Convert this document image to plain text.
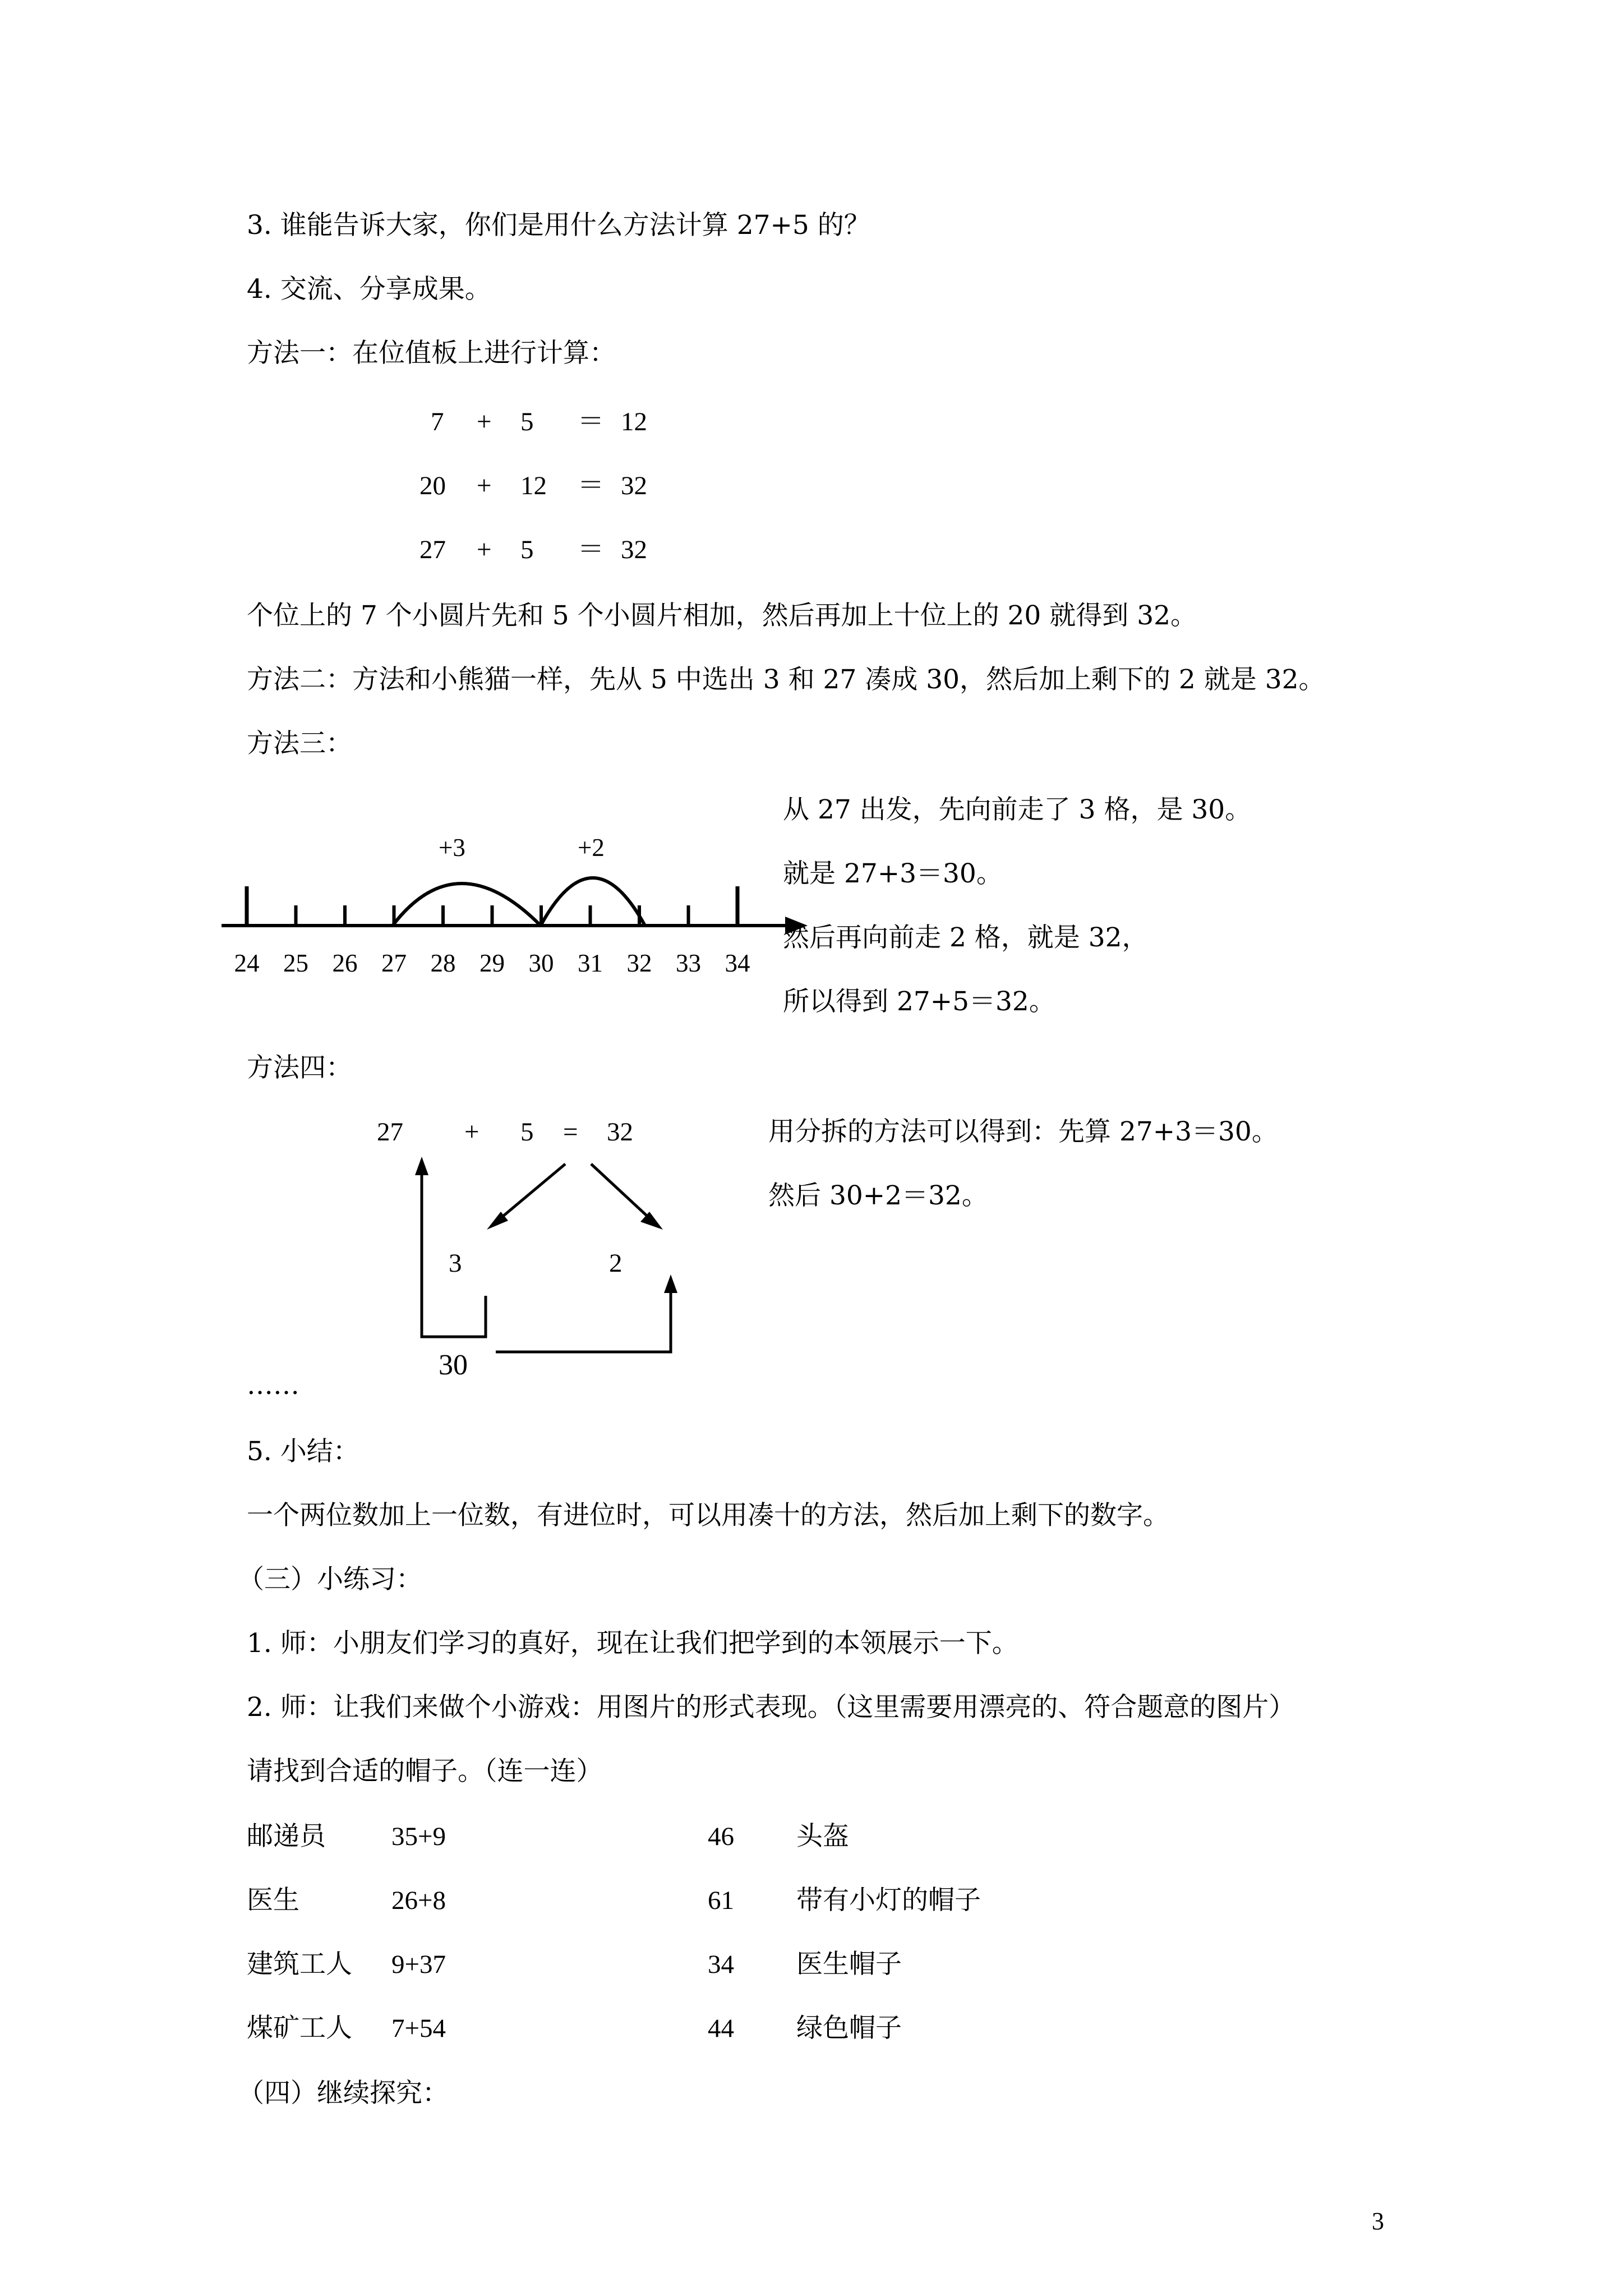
3. 谁能告诉大家，你们是用什么方法计算 27+5 的？
4. 交流、分享成果。
方法一：在位值板上进行计算：
7 + 5 ＝ 12
20 + 12 ＝ 32
27 + 5 ＝ 32
个位上的 7 个小圆片先和 5 个小圆片相加，然后再加上十位上的 20 就得到 32。
方法二：方法和小熊猫一样，先从 5 中选出 3 和 27 凑成 30，然后加上剩下的 2 就是 32。
方法三：
24 25 26 27 28 29 30 31 32 33 34
+3	+2
从 27 出发，先向前走了 3 格，是 30。
就是 27+3＝30。
然后再向前走 2 格，就是 32，
所以得到 27+5＝32。
方法四：
27 + 5 = 32
3	2
30
用分拆的方法可以得到：先算 27+3＝30。
然后 30+2＝32。
……
5. 小结：
一个两位数加上一位数，有进位时，可以用凑十的方法，然后加上剩下的数字。
（三）小练习：
1. 师：小朋友们学习的真好，现在让我们把学到的本领展示一下。
2. 师：让我们来做个小游戏：用图片的形式表现。（这里需要用漂亮的、符合题意的图片）
请找到合适的帽子。（连一连）
邮递员 35+9	46 头盔
医生	26+8	61 带有小灯的帽子
建筑工人 9+37	34 医生帽子
煤矿工人 7+54	44 绿色帽子
（四）继续探究：
3
